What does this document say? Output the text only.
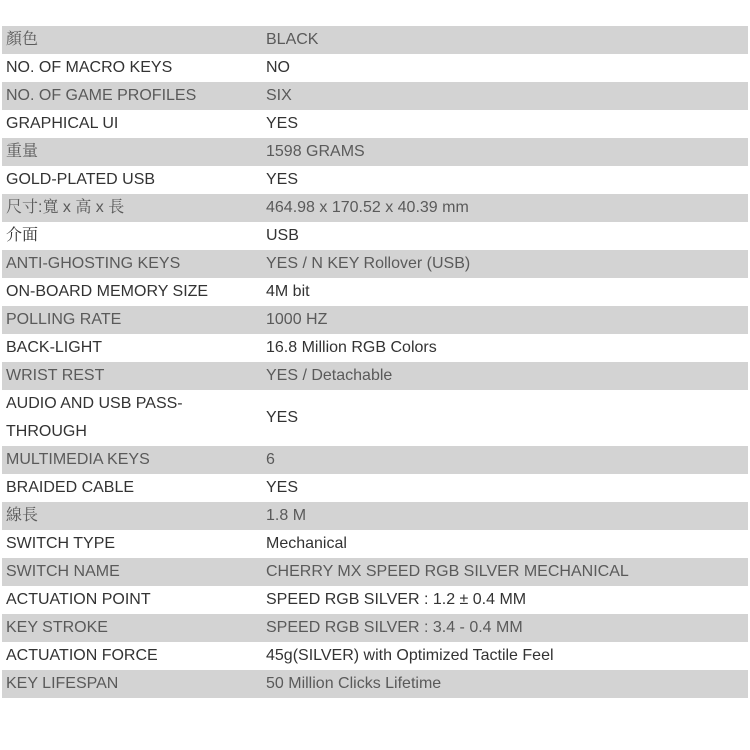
顏色	BLACK
NO. OF MACRO KEYS	NO
NO. OF GAME PROFILES	SIX
GRAPHICAL UI	YES
重量	1598 GRAMS
GOLD-PLATED USB	YES
尺寸:寬 x 高 x 長	464.98 x 170.52 x 40.39 mm
介面	USB
ANTI-GHOSTING KEYS	YES / N KEY Rollover (USB)
ON-BOARD MEMORY SIZE	4M bit
POLLING RATE	1000 HZ
BACK-LIGHT	16.8 Million RGB Colors
WRIST REST	YES / Detachable
AUDIO AND USB PASS-THROUGH	YES
MULTIMEDIA KEYS	6
BRAIDED CABLE	YES
線長	1.8 M
SWITCH TYPE	Mechanical
SWITCH NAME	CHERRY MX SPEED RGB SILVER MECHANICAL
ACTUATION POINT	SPEED RGB SILVER : 1.2 ± 0.4 MM
KEY STROKE	SPEED RGB SILVER : 3.4 - 0.4 MM
ACTUATION FORCE	45g(SILVER) with Optimized Tactile Feel
KEY LIFESPAN	50 Million Clicks Lifetime
